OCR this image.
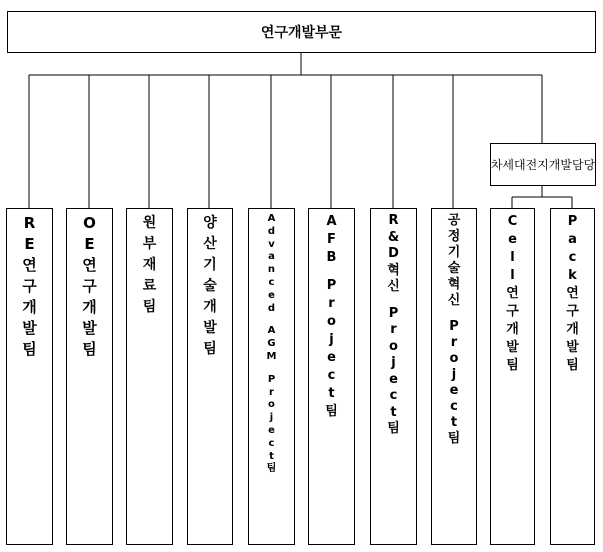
연구개발부문
차세대전지개발담당
R
E
연
구
개
발
팀
O
E
연
구
개
발
팀
원
부
재
료
팀
양
산
기
술
개
발
팀
A
d
v
a
n
c
e
d
A
G
M
P
r
o
j
e
c
t
팀
A
F
B
P
r
o
j
e
c
t
팀
R
&
D
혁
신
P
r
o
j
e
c
t
팀
공
정
기
술
혁
신
P
r
o
j
e
c
t
팀
C
e
l
l
연
구
개
발
팀
P
a
c
k
연
구
개
발
팀
